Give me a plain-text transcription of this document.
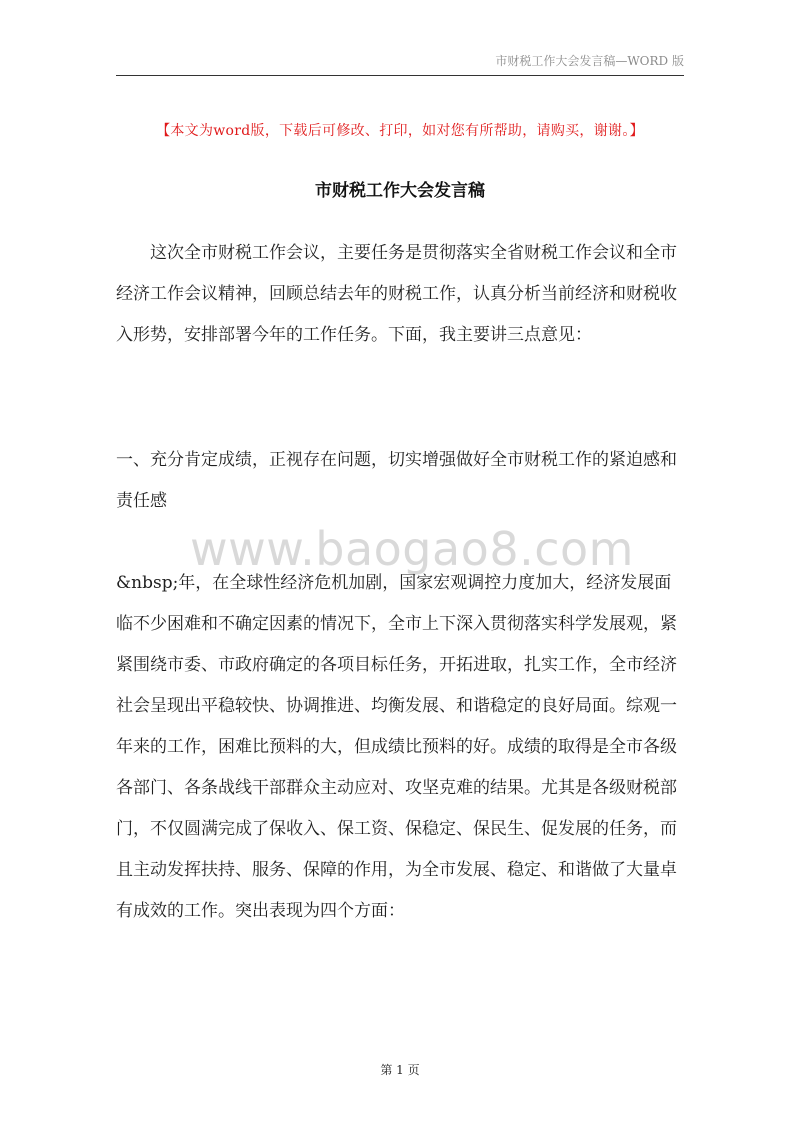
市财税工作大会发言稿—WORD 版
【本文为word版，下载后可修改、打印，如对您有所帮助，请购买，谢谢。】
市财税工作大会发言稿
这次全市财税工作会议，主要任务是贯彻落实全省财税工作会议和全市经济工作会议精神，回顾总结去年的财税工作，认真分析当前经济和财税收入形势，安排部署今年的工作任务。下面，我主要讲三点意见：
一、充分肯定成绩，正视存在问题，切实增强做好全市财税工作的紧迫感和责任感
www.baogao8.com
&nbsp;年，在全球性经济危机加剧，国家宏观调控力度加大，经济发展面临不少困难和不确定因素的情况下，全市上下深入贯彻落实科学发展观，紧紧围绕市委、市政府确定的各项目标任务，开拓进取，扎实工作，全市经济社会呈现出平稳较快、协调推进、均衡发展、和谐稳定的良好局面。综观一年来的工作，困难比预料的大，但成绩比预料的好。成绩的取得是全市各级各部门、各条战线干部群众主动应对、攻坚克难的结果。尤其是各级财税部门，不仅圆满完成了保收入、保工资、保稳定、保民生、促发展的任务，而且主动发挥扶持、服务、保障的作用，为全市发展、稳定、和谐做了大量卓有成效的工作。突出表现为四个方面：
第 1 页
